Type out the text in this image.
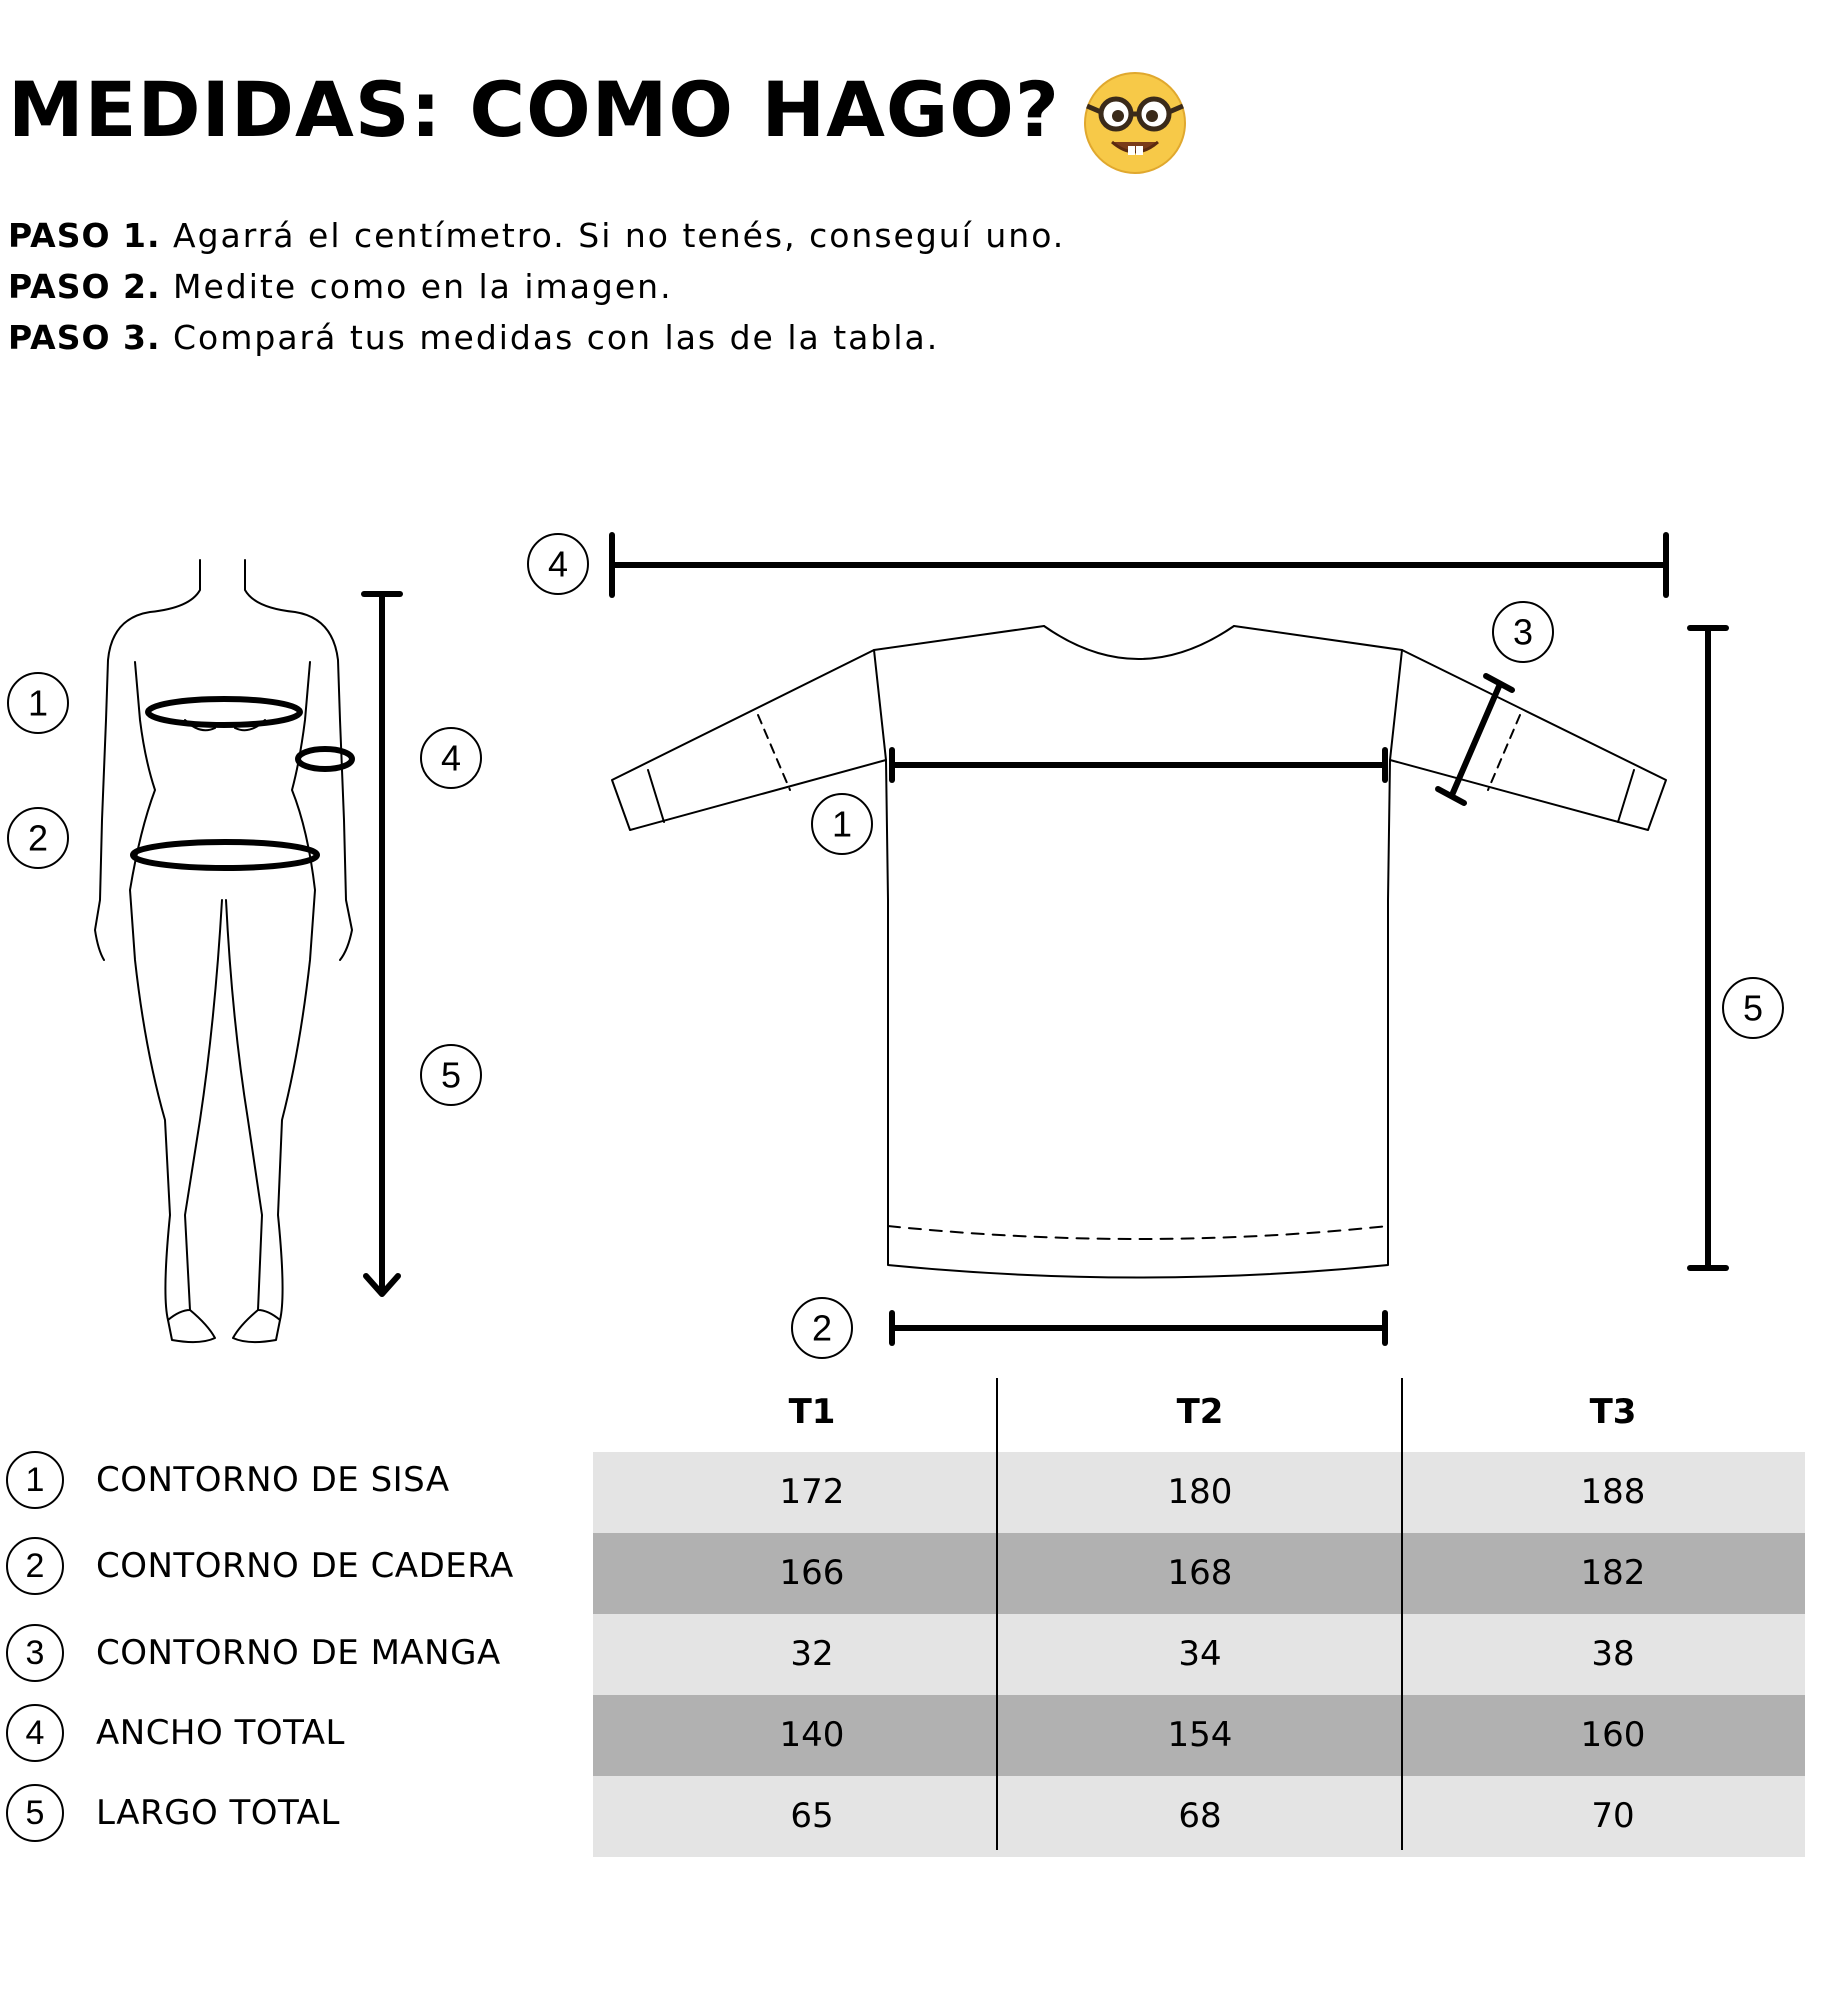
MEDIDAS: COMO HAGO?
PASO 1. Agarrá el centímetro. Si no tenés, conseguí uno.
PASO 2. Medite como en la imagen.
PASO 3. Compará tus medidas con las de la tabla.
1
2
4
5
4
3
1
5
2
1	CONTORNO DE SISA
2	CONTORNO DE CADERA
3	CONTORNO DE MANGA
4	ANCHO TOTAL
5	LARGO TOTAL
T1	T2	T3
172	180	188
166	168	182
32	34	38
140	154	160
65	68	70
